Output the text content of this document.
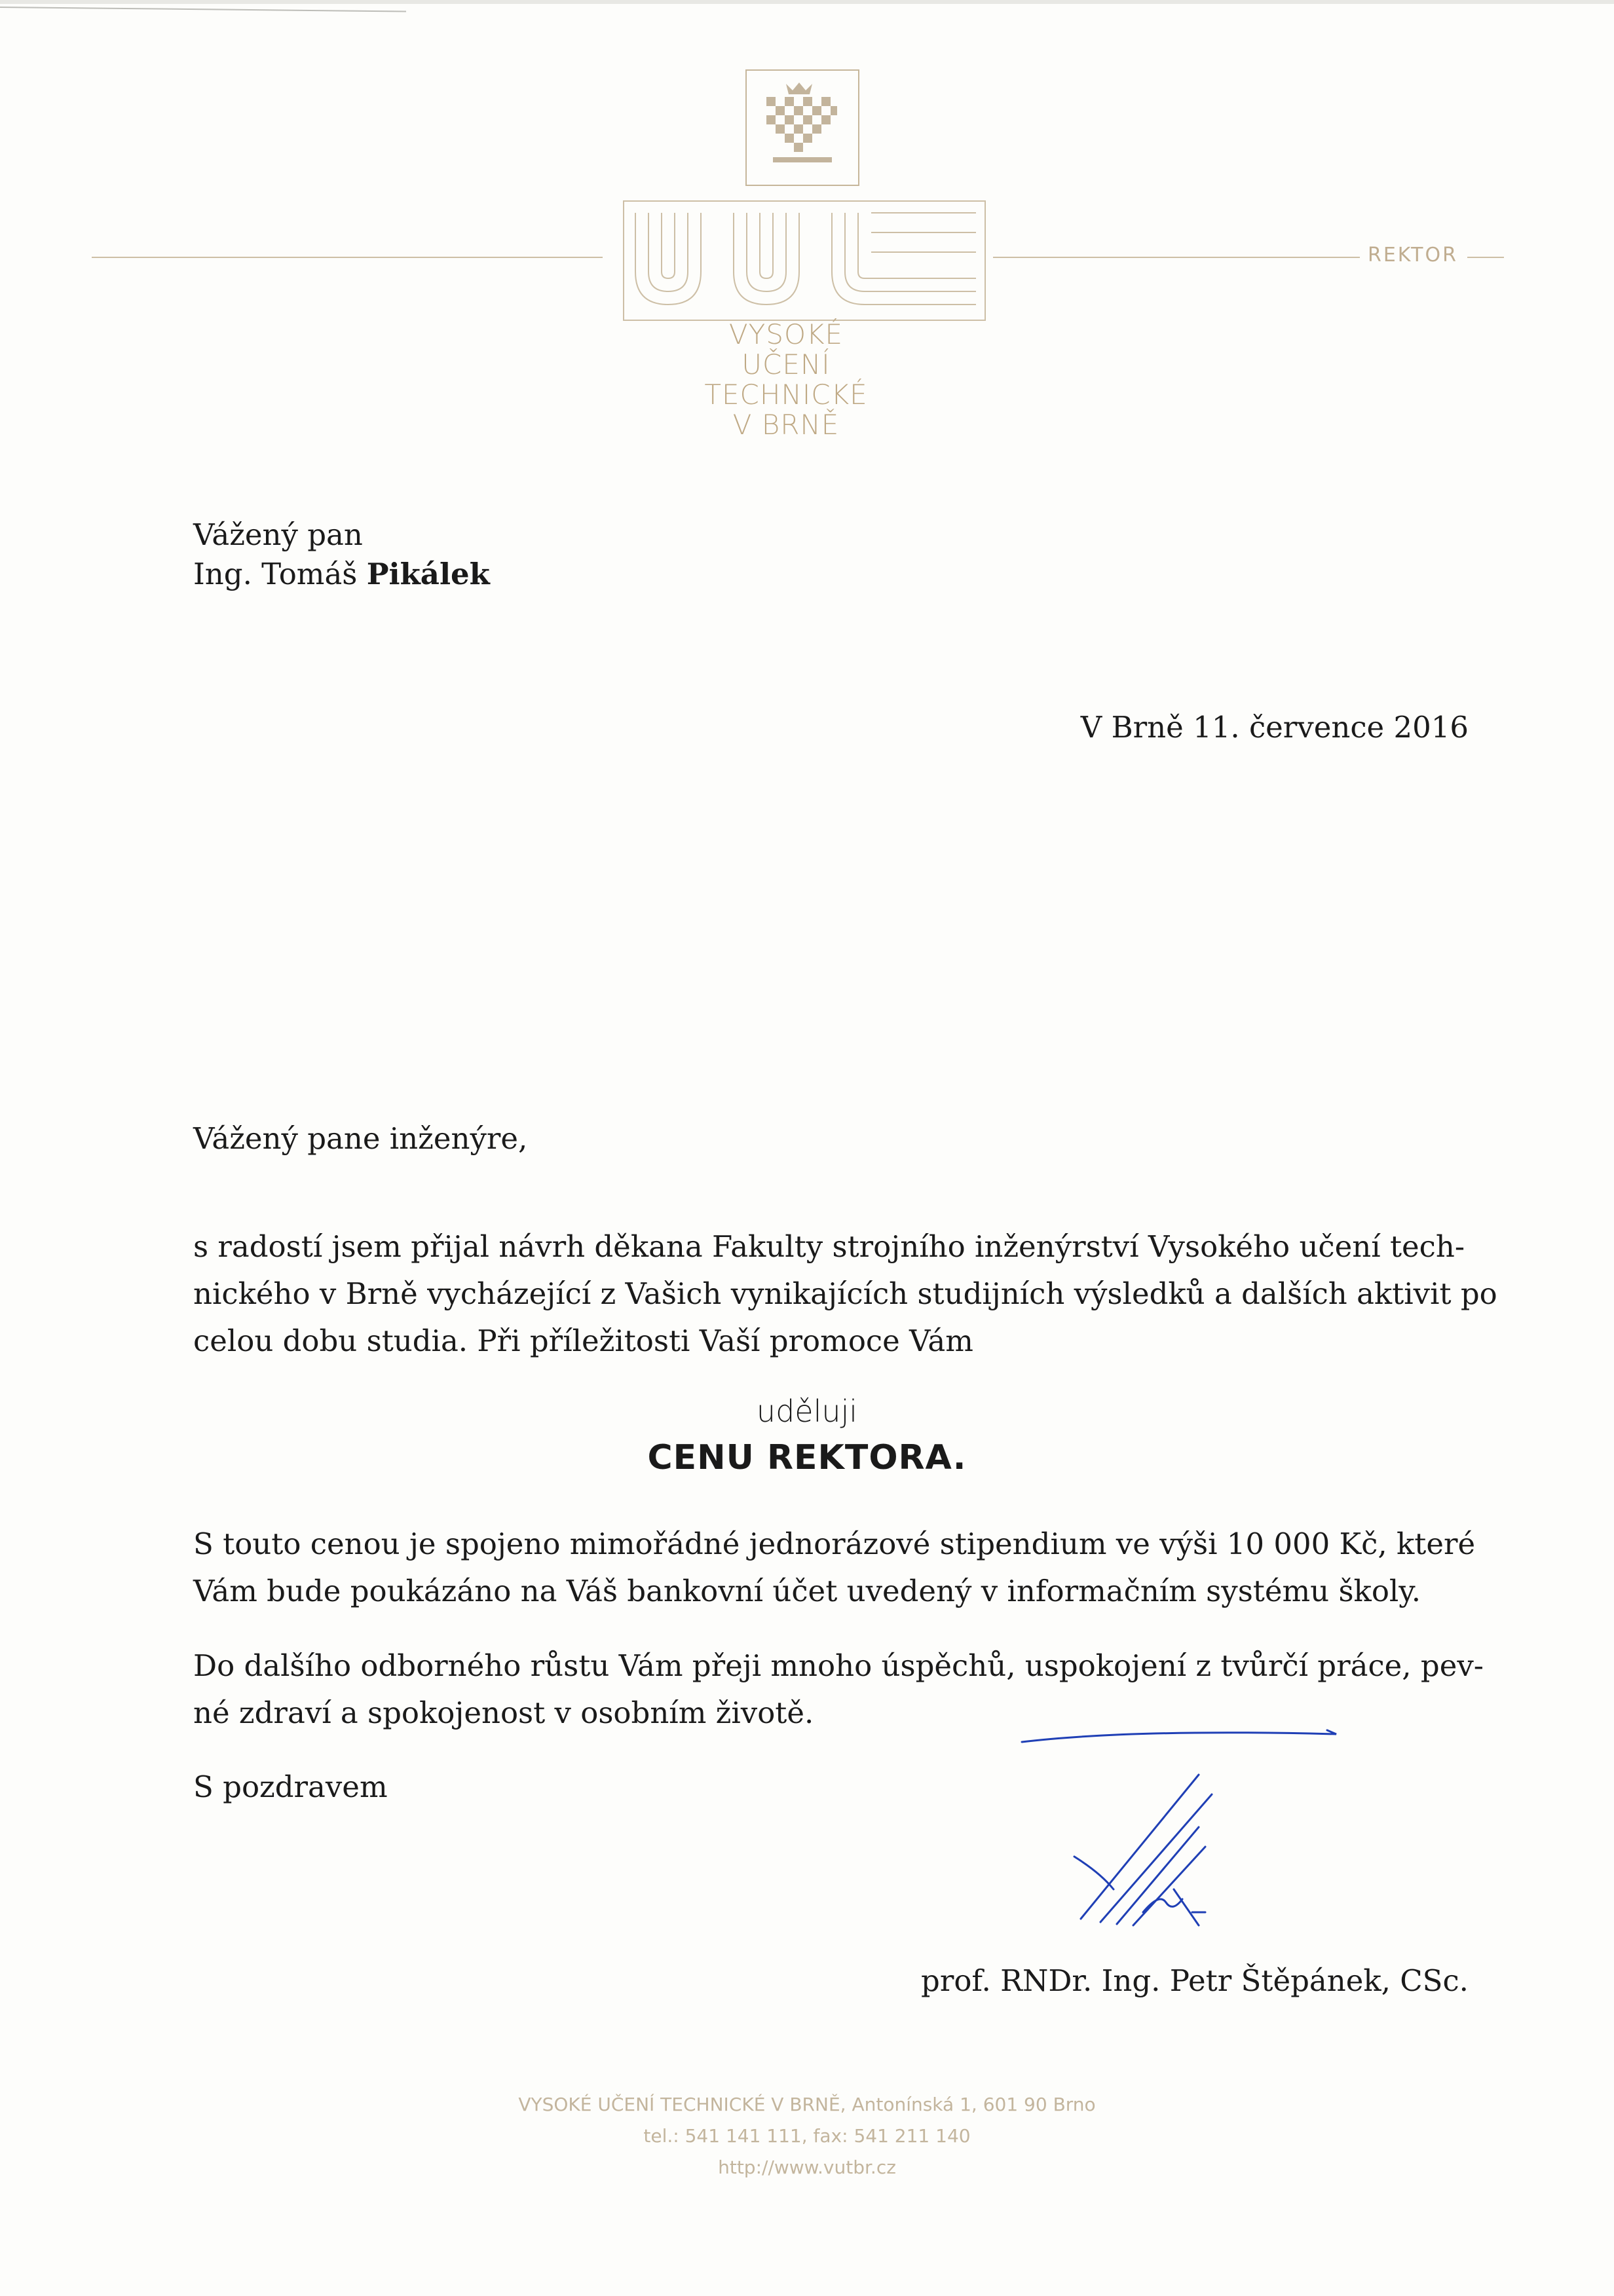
REKTOR
VYSOKÉ
UČENÍ
TECHNICKÉ
V BRNĚ
Vážený pan
Ing. Tomáš Pikálek
V Brně 11. července 2016
Vážený pane inženýre,
s radostí jsem přijal návrh děkana Fakulty strojního inženýrství Vysokého učení tech-
nického v Brně vycházející z Vašich vynikajících studijních výsledků a dalších aktivit po
celou dobu studia. Při příležitosti Vaší promoce Vám
uděluji
CENU REKTORA.
S touto cenou je spojeno mimořádné jednorázové stipendium ve výši 10 000 Kč, které
Vám bude poukázáno na Váš bankovní účet uvedený v informačním systému školy.
Do dalšího odborného růstu Vám přeji mnoho úspěchů, uspokojení z tvůrčí práce, pev-
né zdraví a spokojenost v osobním životě.
S pozdravem
prof. RNDr. Ing. Petr Štěpánek, CSc.
VYSOKÉ UČENÍ TECHNICKÉ V BRNĚ, Antonínská 1, 601 90 Brno
tel.: 541 141 111, fax: 541 211 140
http://www.vutbr.cz
